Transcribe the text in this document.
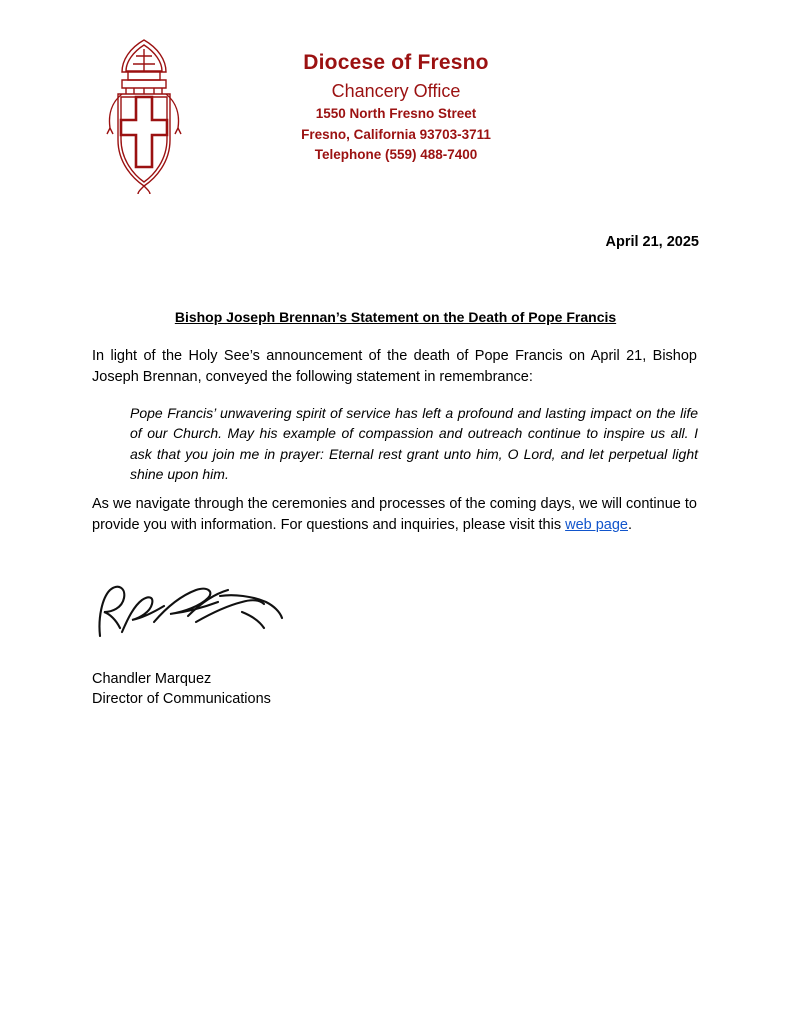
Diocese of Fresno
Chancery Office
1550 North Fresno Street
Fresno, California 93703-3711
Telephone (559) 488-7400
April 21, 2025
Bishop Joseph Brennan’s Statement on the Death of Pope Francis
In light of the Holy See’s announcement of the death of Pope Francis on April 21, Bishop Joseph Brennan, conveyed the following statement in remembrance:
Pope Francis’ unwavering spirit of service has left a profound and lasting impact on the life of our Church. May his example of compassion and outreach continue to inspire us all. I ask that you join me in prayer: Eternal rest grant unto him, O Lord, and let perpetual light shine upon him.
As we navigate through the ceremonies and processes of the coming days, we will continue to provide you with information. For questions and inquiries, please visit this web page.
Chandler Marquez
Director of Communications
